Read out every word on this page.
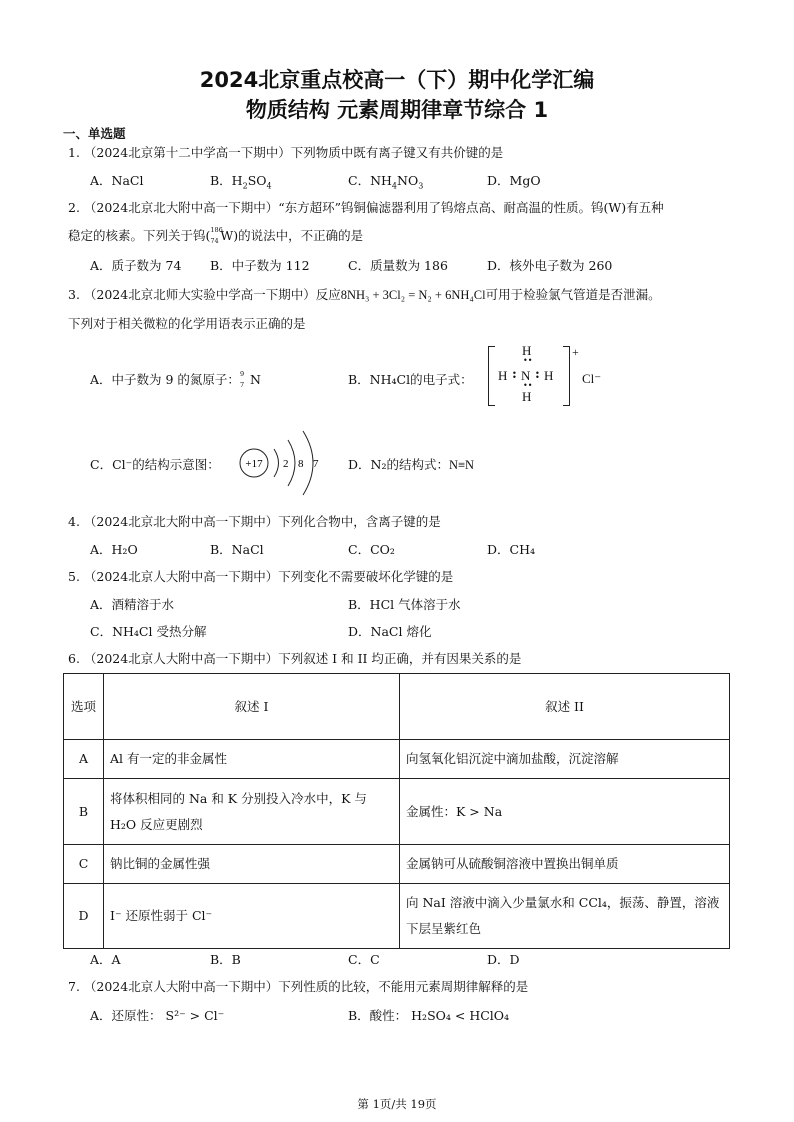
2024北京重点校高一（下）期中化学汇编
物质结构 元素周期律章节综合 1
一、单选题
1. （2024北京第十二中学高一下期中）下列物质中既有离子键又有共价键的是
A．NaCl	B．$H_2SO_4$	C．$NH_4NO_3$	D．MgO
2. （2024北京北大附中高一下期中）“东方超环”钨铜偏滤器利用了钨熔点高、耐高温的性质。钨(W)有五种
稳定的核素。下列关于钨( 186
74 W)的说法中，不正确的是
A．质子数为 74 B．中子数为 112	C．质量数为 186	D．核外电子数为 260
3. （2024北京北师大实验中学高一下期中）反应8NH₃ + 3Cl₂ = N₂ + 6NH₄Cl可用于检验氯气管道是否泄漏。
下列对于相关微粒的化学用语表示正确的是
A．中子数为 9 的氮原子： 9
7 N	B．NH₄Cl的电子式：
H
••
H : N : H
••
H
+
Cl⁻
C．Cl⁻的结构示意图： +17 2 8 7 D．N₂的结构式：N≡N
4. （2024北京北大附中高一下期中）下列化合物中，含离子键的是
A．H₂O	B．NaCl	C．CO₂	D．CH₄
5. （2024北京人大附中高一下期中）下列变化不需要破坏化学键的是
A．酒精溶于水	B．HCl 气体溶于水
C．NH₄Cl 受热分解	D．NaCl 熔化
6. （2024北京人大附中高一下期中）下列叙述 I 和 II 均正确，并有因果关系的是
选项	叙述 I	叙述 II
A	Al 有一定的非金属性	向氢氧化铝沉淀中滴加盐酸，沉淀溶解
B	将体积相同的 Na 和 K 分别投入冷水中，K 与 H₂O 反应更剧烈	金属性：K > Na
C	钠比铜的金属性强	金属钠可从硫酸铜溶液中置换出铜单质
D	I⁻ 还原性弱于 Cl⁻	向 NaI 溶液中滴入少量氯水和 CCl₄，振荡、静置，溶液下层呈紫红色
A．A	B．B	C．C	D．D
7. （2024北京人大附中高一下期中）下列性质的比较，不能用元素周期律解释的是
A．还原性： S²⁻ > Cl⁻	B．酸性： H₂SO₄ < HClO₄
第 1页/共 19页
